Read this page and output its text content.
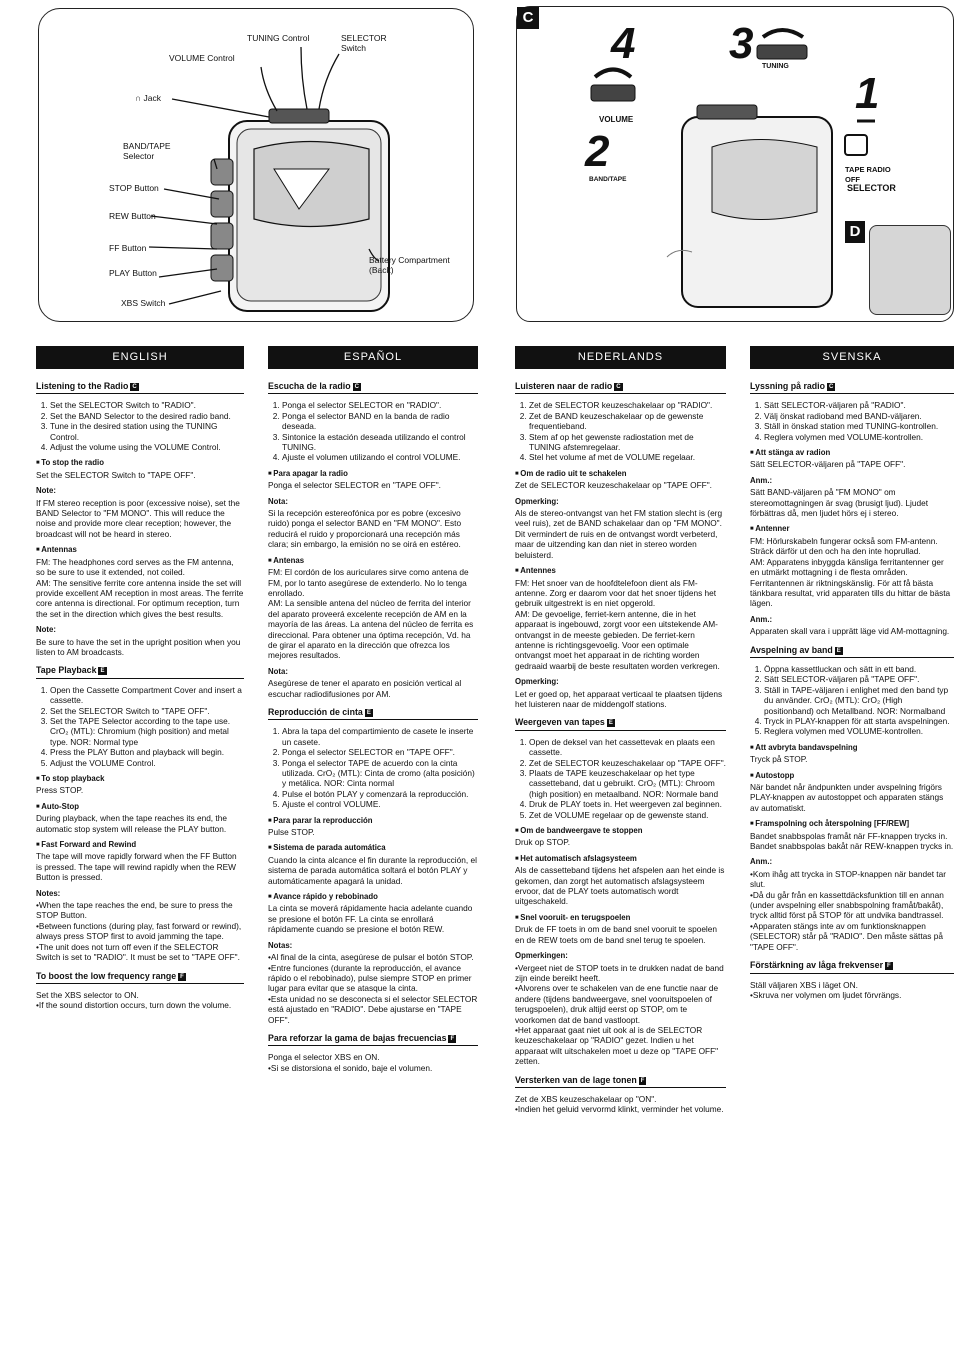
TUNING Control	SELECTOR Switch
VOLUME Control
∩ Jack
BAND/TAPE Selector
STOP Button
REW Button
FF Button
PLAY Button
XBS Switch
Battery Compartment (Back)
C
4 3
2
1
TUNING
VOLUME
BAND/TAPE
TAPE RADIO OFF
SELECTOR
D
ENGLISH
Listening to the Radio C
1. Set the SELECTOR Switch to "RADIO".
2. Set the BAND Selector to the desired radio band.
3. Tune in the desired station using the TUNING Control.
4. Adjust the volume using the VOLUME Control.
■ To stop the radio

Set the SELECTOR Switch to "TAPE OFF".

Note:

If FM stereo reception is poor (excessive noise), set the BAND Selector to "FM MONO". This will reduce the noise and provide more clear reception; however, the broadcast will not be heard in stereo.

■ Antennas

FM: The headphones cord serves as the FM antenna, so be sure to use it extended, not coiled.

AM: The sensitive ferrite core antenna inside the set will provide excellent AM reception in most areas. The ferrite core antenna is directional. For optimum reception, turn the set in the direction which gives the best results.

Note:

Be sure to have the set in the upright position when you listen to AM broadcasts.

Tape Playback E
1. Open the Cassette Compartment Cover and insert a cassette.
2. Set the SELECTOR Switch to "TAPE OFF".
3. Set the TAPE Selector according to the tape use. CrO₂ (MTL): Chromium (high position) and metal type. NOR: Normal type
4. Press the PLAY Button and playback will begin.
5. Adjust the VOLUME Control.
■ To stop playback

Press STOP.

■ Auto-Stop

During playback, when the tape reaches its end, the automatic stop system will release the PLAY button.

■ Fast Forward and Rewind

The tape will move rapidly forward when the FF Button is pressed. The tape will rewind rapidly when the REW Button is pressed.

Notes:

•When the tape reaches the end, be sure to press the STOP Button.

•Between functions (during play, fast forward or rewind), always press STOP first to avoid jamming the tape.

•The unit does not turn off even if the SELECTOR Switch is set to "RADIO". It must be set to "TAPE OFF".

To boost the low frequency range F

Set the XBS selector to ON.

•If the sound distortion occurs, turn down the volume.

ESPAÑOL
Escucha de la radio C
1. Ponga el selector SELECTOR en "RADIO".
2. Ponga el selector BAND en la banda de radio deseada.
3. Sintonice la estación deseada utilizando el control TUNING.
4. Ajuste el volumen utilizando el control VOLUME.
■ Para apagar la radio

Ponga el selector SELECTOR en "TAPE OFF".

Nota:

Si la recepción estereofónica por es pobre (excesivo ruido) ponga el selector BAND en "FM MONO". Esto reducirá el ruido y proporcionará una recepción más clara; sin embargo, la emisión no se oirá en estéreo.

■ Antenas

FM: El cordón de los auriculares sirve como antena de FM, por lo tanto asegúrese de extenderlo. No lo tenga enrollado.

AM: La sensible antena del núcleo de ferrita del interior del aparato proveerá excelente recepción de AM en la mayoría de las áreas. La antena del núcleo de ferrita es direccional. Para obtener una óptima recepción, Vd. ha de girar el aparato en la dirección que ofrezca los mejores resultados.

Nota:

Asegúrese de tener el aparato en posición vertical al escuchar radiodifusiones por AM.

Reproducción de cinta E
1. Abra la tapa del compartimiento de casete le inserte un casete.
2. Ponga el selector SELECTOR en "TAPE OFF".
3. Ponga el selector TAPE de acuerdo con la cinta utilizada. CrO₂ (MTL): Cinta de cromo (alta posición) y metálica. NOR: Cinta normal
4. Pulse el botón PLAY y comenzará la reproducción.
5. Ajuste el control VOLUME.
■ Para parar la reproducción

Pulse STOP.

■ Sistema de parada automática

Cuando la cinta alcance el fin durante la reproducción, el sistema de parada automática soltará el botón PLAY y automáticamente apagará la unidad.

■ Avance rápido y rebobinado

La cinta se moverá rápidamente hacia adelante cuando se presione el botón FF. La cinta se enrollará rápidamente cuando se presione el botón REW.

Notas:

•Al final de la cinta, asegúrese de pulsar el botón STOP.

•Entre funciones (durante la reproducción, el avance rápido o el rebobinado), pulse siempre STOP en primer lugar para evitar que se atasque la cinta.

•Esta unidad no se desconecta si el selector SELECTOR está ajustado en "RADIO". Debe ajustarse en "TAPE OFF".

Para reforzar la gama de bajas frecuencias F

Ponga el selector XBS en ON.

•Si se distorsiona el sonido, baje el volumen.

NEDERLANDS
Luisteren naar de radio C
1. Zet de SELECTOR keuzeschakelaar op "RADIO".
2. Zet de BAND keuzeschakelaar op de gewenste frequentieband.
3. Stem af op het gewenste radiostation met de TUNING afstemregelaar.
4. Stel het volume af met de VOLUME regelaar.
■ Om de radio uit te schakelen

Zet de SELECTOR keuzeschakelaar op "TAPE OFF".

Opmerking:

Als de stereo-ontvangst van het FM station slecht is (erg veel ruis), zet de BAND schakelaar dan op "FM MONO". Dit vermindert de ruis en de ontvangst wordt verbeterd, maar de uitzending kan dan niet in stereo worden beluisterd.

■ Antennes

FM: Het snoer van de hoofdtelefoon dient als FM-antenne. Zorg er daarom voor dat het snoer tijdens het gebruik uitgestrekt is en niet opgerold.

AM: De gevoelige, ferriet-kern antenne, die in het apparaat is ingebouwd, zorgt voor een uitstekende AM-ontvangst in de meeste gebieden. De ferriet-kern antenne is richtingsgevoelig. Voor een optimale ontvangst moet het apparaat in de richting worden gedraaid waarbij de beste resultaten worden verkregen.

Opmerking:

Let er goed op, het apparaat verticaal te plaatsen tijdens het luisteren naar de middengolf stations.

Weergeven van tapes E
1. Open de deksel van het cassettevak en plaats een cassette.
2. Zet de SELECTOR keuzeschakelaar op "TAPE OFF".
3. Plaats de TAPE keuzeschakelaar op het type cassetteband, dat u gebruikt. CrO₂ (MTL): Chroom (high position) en metaalband. NOR: Normale band
4. Druk de PLAY toets in. Het weergeven zal beginnen.
5. Zet de VOLUME regelaar op de gewenste stand.
■ Om de bandweergave te stoppen

Druk op STOP.

■ Het automatisch afslagsysteem

Als de cassetteband tijdens het afspelen aan het einde is gekomen, dan zorgt het automatisch afslagsysteem ervoor, dat de PLAY toets automatisch wordt uitgeschakeld.

■ Snel vooruit- en terugspoelen

Druk de FF toets in om de band snel vooruit te spoelen en de REW toets om de band snel terug te spoelen.

Opmerkingen:

•Vergeet niet de STOP toets in te drukken nadat de band zijn einde bereikt heeft.

•Alvorens over te schakelen van de ene functie naar de andere (tijdens bandweergave, snel vooruitspoelen of terugspoelen), druk altijd eerst op STOP, om te voorkomen dat de band vastloopt.

•Het apparaat gaat niet uit ook al is de SELECTOR keuzeschakelaar op "RADIO" gezet. Indien u het apparaat wilt uitschakelen moet u deze op "TAPE OFF" zetten.

Versterken van de lage tonen F

Zet de XBS keuzeschakelaar op "ON".

•Indien het geluid vervormd klinkt, verminder het volume.

SVENSKA
Lyssning på radio C
1. Sätt SELECTOR-väljaren på "RADIO".
2. Välj önskat radioband med BAND-väljaren.
3. Ställ in önskad station med TUNING-kontrollen.
4. Reglera volymen med VOLUME-kontrollen.
■ Att stänga av radion

Sätt SELECTOR-väljaren på "TAPE OFF".

Anm.:

Sätt BAND-väljaren på "FM MONO" om stereomottagningen är svag (brusigt ljud). Ljudet förbättras då, men ljudet hörs ej i stereo.

■ Antenner

FM: Hörlurskabeln fungerar också som FM-antenn. Sträck därför ut den och ha den inte hoprullad.

AM: Apparatens inbyggda känsliga ferritantenner ger en utmärkt mottagning i de flesta områden. Ferritantennen är riktningskänslig. För att få bästa tänkbara resultat, vrid apparaten tills du hittar de bästa lägen.

Anm.:

Apparaten skall vara i upprätt läge vid AM-mottagning.

Avspelning av band E
1. Öppna kassettluckan och sätt in ett band.
2. Sätt SELECTOR-väljaren på "TAPE OFF".
3. Ställ in TAPE-väljaren i enlighet med den band typ du använder. CrO₂ (MTL): CrO₂ (High positionband) och Metallband. NOR: Normalband
4. Tryck in PLAY-knappen för att starta avspelningen.
5. Reglera volymen med VOLUME-kontrollen.
■ Att avbryta bandavspelning

Tryck på STOP.

■ Autostopp

När bandet når ändpunkten under avspelning frigörs PLAY-knappen av autostoppet och apparaten stängs av automatiskt.

■ Framspolning och återspolning [FF/REW]

Bandet snabbspolas framåt när FF-knappen trycks in. Bandet snabbspolas bakåt när REW-knappen trycks in.

Anm.:

•Kom ihåg att trycka in STOP-knappen när bandet tar slut.

•Då du går från en kassettdäcksfunktion till en annan (under avspelning eller snabbspolning framåt/bakåt), tryck alltid först på STOP för att undvika bandtrassel.

•Apparaten stängs inte av om funktionsknappen (SELECTOR) står på "RADIO". Den måste sättas på "TAPE OFF".

Förstärkning av låga frekvenser F

Ställ väljaren XBS i läget ON.

•Skruva ner volymen om ljudet förvrängs.
